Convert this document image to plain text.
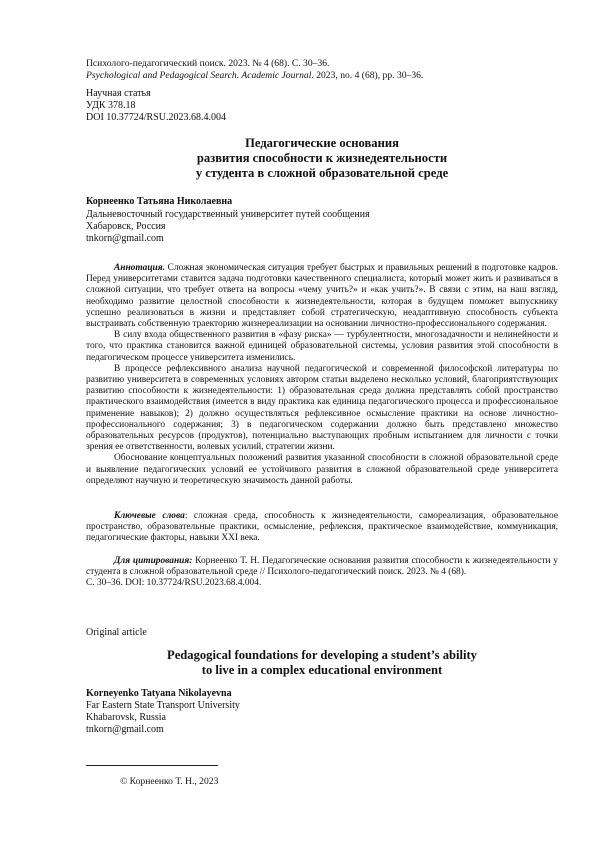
Психолого-педагогический поиск. 2023. № 4 (68). С. 30–36.
Psychological and Pedagogical Search. Academic Journal. 2023, no. 4 (68), pp. 30–36.
Научная статья
УДК 378.18
DOI 10.37724/RSU.2023.68.4.004
Педагогические основания
развития способности к жизнедеятельности
у студента в сложной образовательной среде
Корнеенко Татьяна Николаевна
Дальневосточный государственный университет путей сообщения
Хабаровск, Россия
tnkorn@gmail.com

Аннотация. Сложная экономическая ситуация требует быстрых и правильных решений в подготовке кадров. Перед университетами ставится задача подготовки качественного специалиста, который может жить и развиваться в сложной ситуации, что требует ответа на вопросы «чему учить?» и «как учить?». В связи с этим, на наш взгляд, необходимо развитие целостной способности к жизнедеятельности, которая в будущем поможет выпускнику успешно реализоваться в жизни и представляет собой стратегическую, неадаптивную способность субъекта выстраивать собственную траекторию жизнереализации на основании личностно-профессионального содержания.

В силу входа общественного развития в «фазу риска» — турбулентности, многозадачности и нелинейности и того, что практика становится важной единицей образовательной системы, условия развития этой способности в педагогическом процессе университета изменились.

В процессе рефлексивного анализа научной педагогической и современной философской литературы по развитию университета в современных условиях автором статьи выделено несколько условий, благоприятствующих развитию способности к жизнедеятельности: 1) образовательная среда должна представлять собой пространство практического взаимодействия (имеется в виду практика как единица педагогического процесса и профессиональное применение навыков); 2) должно осуществляться рефлексивное осмысление практики на основе личностно-профессионального содержания; 3) в педагогическом содержании должно быть представлено множество образовательных ресурсов (продуктов), потенциально выступающих пробным испытанием для личности с точки зрения ее ответственности, волевых усилий, стратегии жизни.

Обоснование концептуальных положений развития указанной способности в сложной образовательной среде и выявление педагогических условий ее устойчивого развития в сложной образовательной среде университета определяют научную и теоретическую значимость данной работы.

Ключевые слова: сложная среда, способность к жизнедеятельности, самореализация, образовательное пространство, образовательные практики, осмысление, рефлексия, практическое взаимодействие, коммуникация, педагогические факторы, навыки XXI века.

Для цитирования: Корнеенко Т. Н. Педагогические основания развития способности к жизнедеятельности у студента в сложной образовательной среде // Психолого-педагогический поиск. 2023. № 4 (68).

С. 30–36. DOI: 10.37724/RSU.2023.68.4.004.
Original article
Pedagogical foundations for developing a student’s ability
to live in a complex educational environment
Korneyenko Tatyana Nikolayevna
Far Eastern State Transport University
Khabarovsk, Russia
tnkorn@gmail.com
© Корнеенко Т. Н., 2023
